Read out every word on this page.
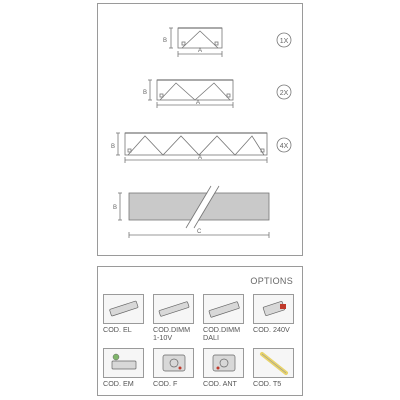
B
A
1X
B
A
2X
B
A
4X
B
C
OPTIONS
COD. EL	COD.DIMM
1-10V
COD.DIMM
DALI
COD. 240V
COD. EM	COD. F	COD. ANT	COD. T5
